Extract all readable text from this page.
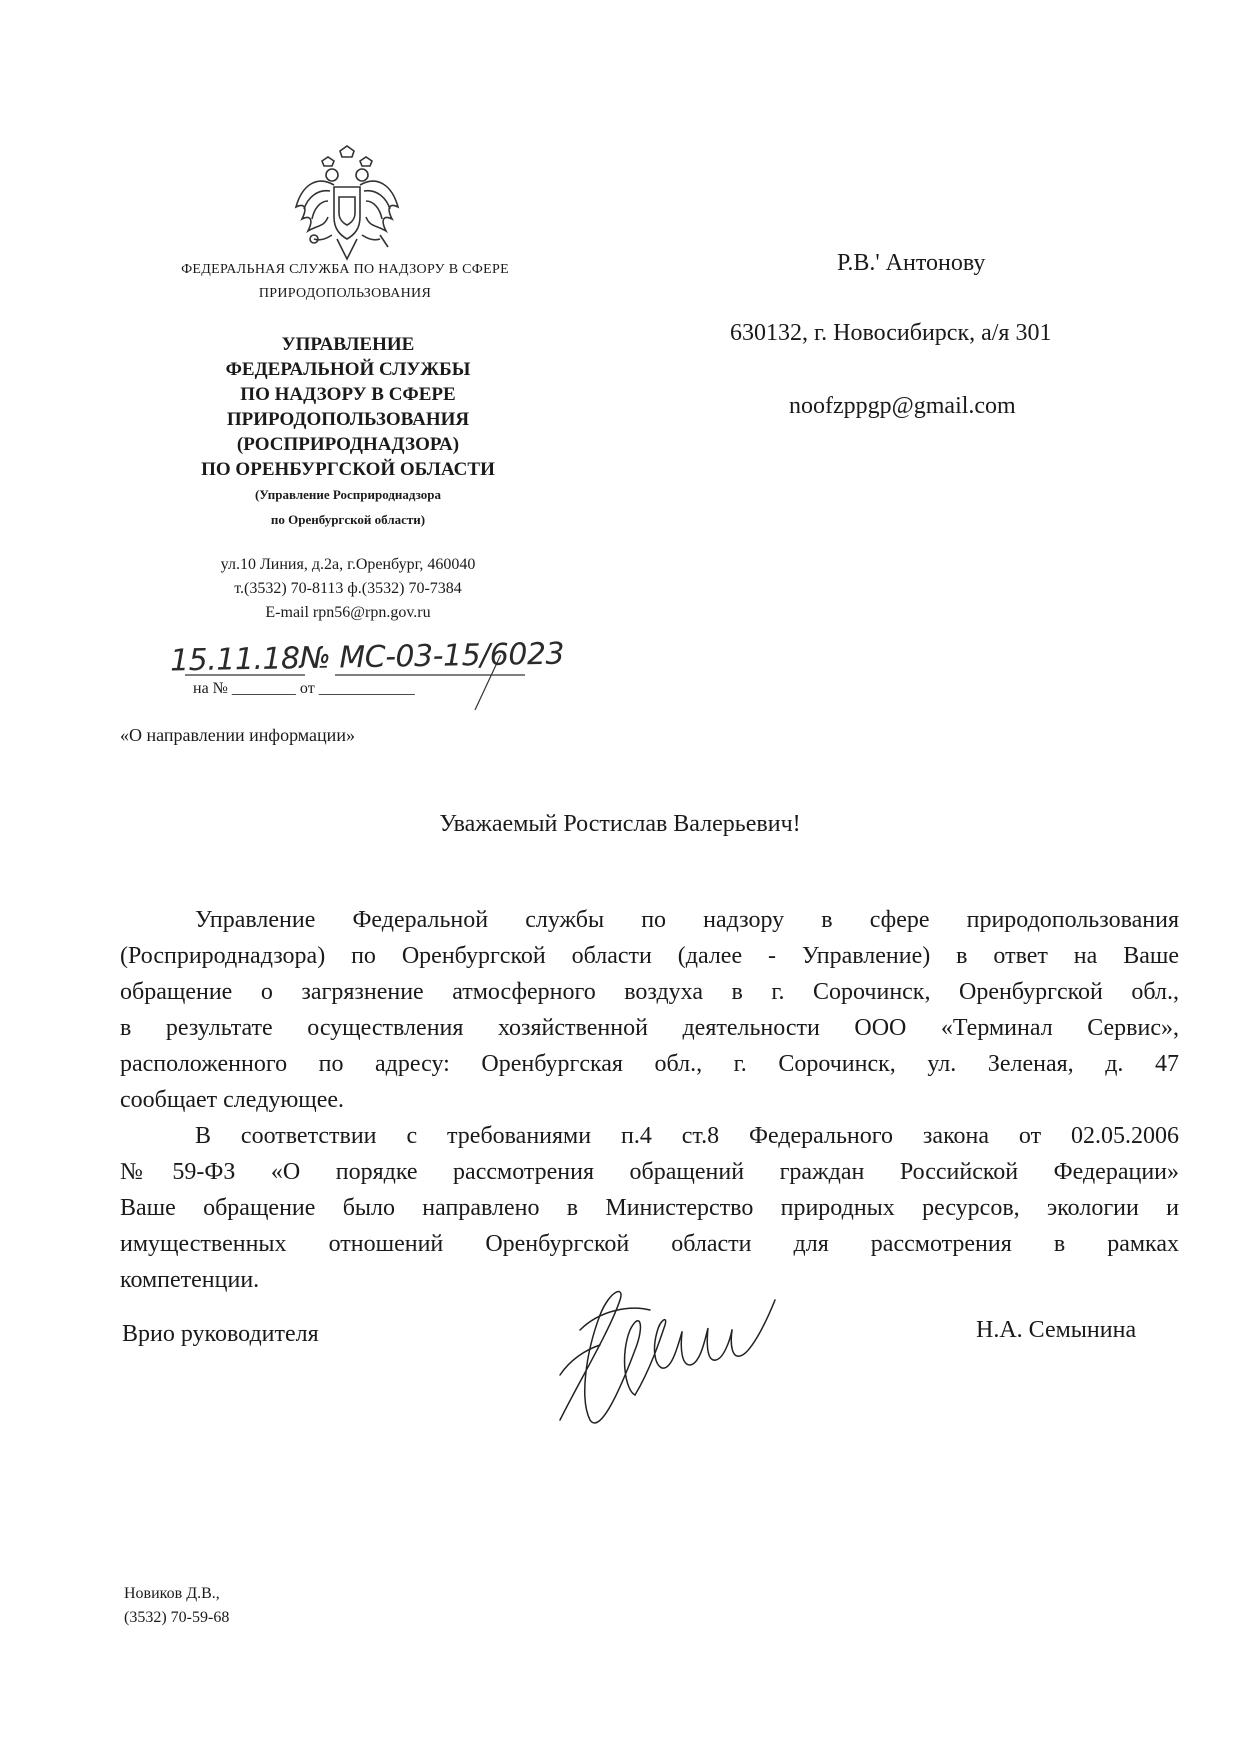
ФЕДЕРАЛЬНАЯ СЛУЖБА ПО НАДЗОРУ В СФЕРЕ
ПРИРОДОПОЛЬЗОВАНИЯ
УПРАВЛЕНИЕ
ФЕДЕРАЛЬНОЙ СЛУЖБЫ
ПО НАДЗОРУ В СФЕРЕ
ПРИРОДОПОЛЬЗОВАНИЯ
(РОСПРИРОДНАДЗОРА)
ПО ОРЕНБУРГСКОЙ ОБЛАСТИ
(Управление Росприроднадзора
по Оренбургской области)
ул.10 Линия, д.2а, г.Оренбург, 460040
т.(3532) 70-8113 ф.(3532) 70-7384
E-mail rpn56@rpn.gov.ru
15.11.18№ МС-03-15/6023
на № ________ от ____________
«О направлении информации»
Р.В.' Антонову
630132, г. Новосибирск, а/я 301
noofzppgp@gmail.com
Уважаемый Ростислав Валерьевич!
Управление Федеральной службы по надзору в сфере природопользования
(Росприроднадзора) по Оренбургской области (далее - Управление) в ответ на Ваше
обращение о загрязнение атмосферного воздуха в г. Сорочинск, Оренбургской обл.,
в результате осуществления хозяйственной деятельности ООО «Терминал Сервис»,
расположенного по адресу: Оренбургская обл., г. Сорочинск, ул. Зеленая, д. 47
сообщает следующее.
В соответствии с требованиями п.4 ст.8 Федерального закона от 02.05.2006
№59-ФЗ «О порядке рассмотрения обращений граждан Российской Федерации»
Ваше обращение было направлено в Министерство природных ресурсов, экологии и
имущественных отношений Оренбургской области для рассмотрения в рамках
компетенции.
Врио руководителя	Н.А. Семынина
Новиков Д.В.,
(3532) 70-59-68
